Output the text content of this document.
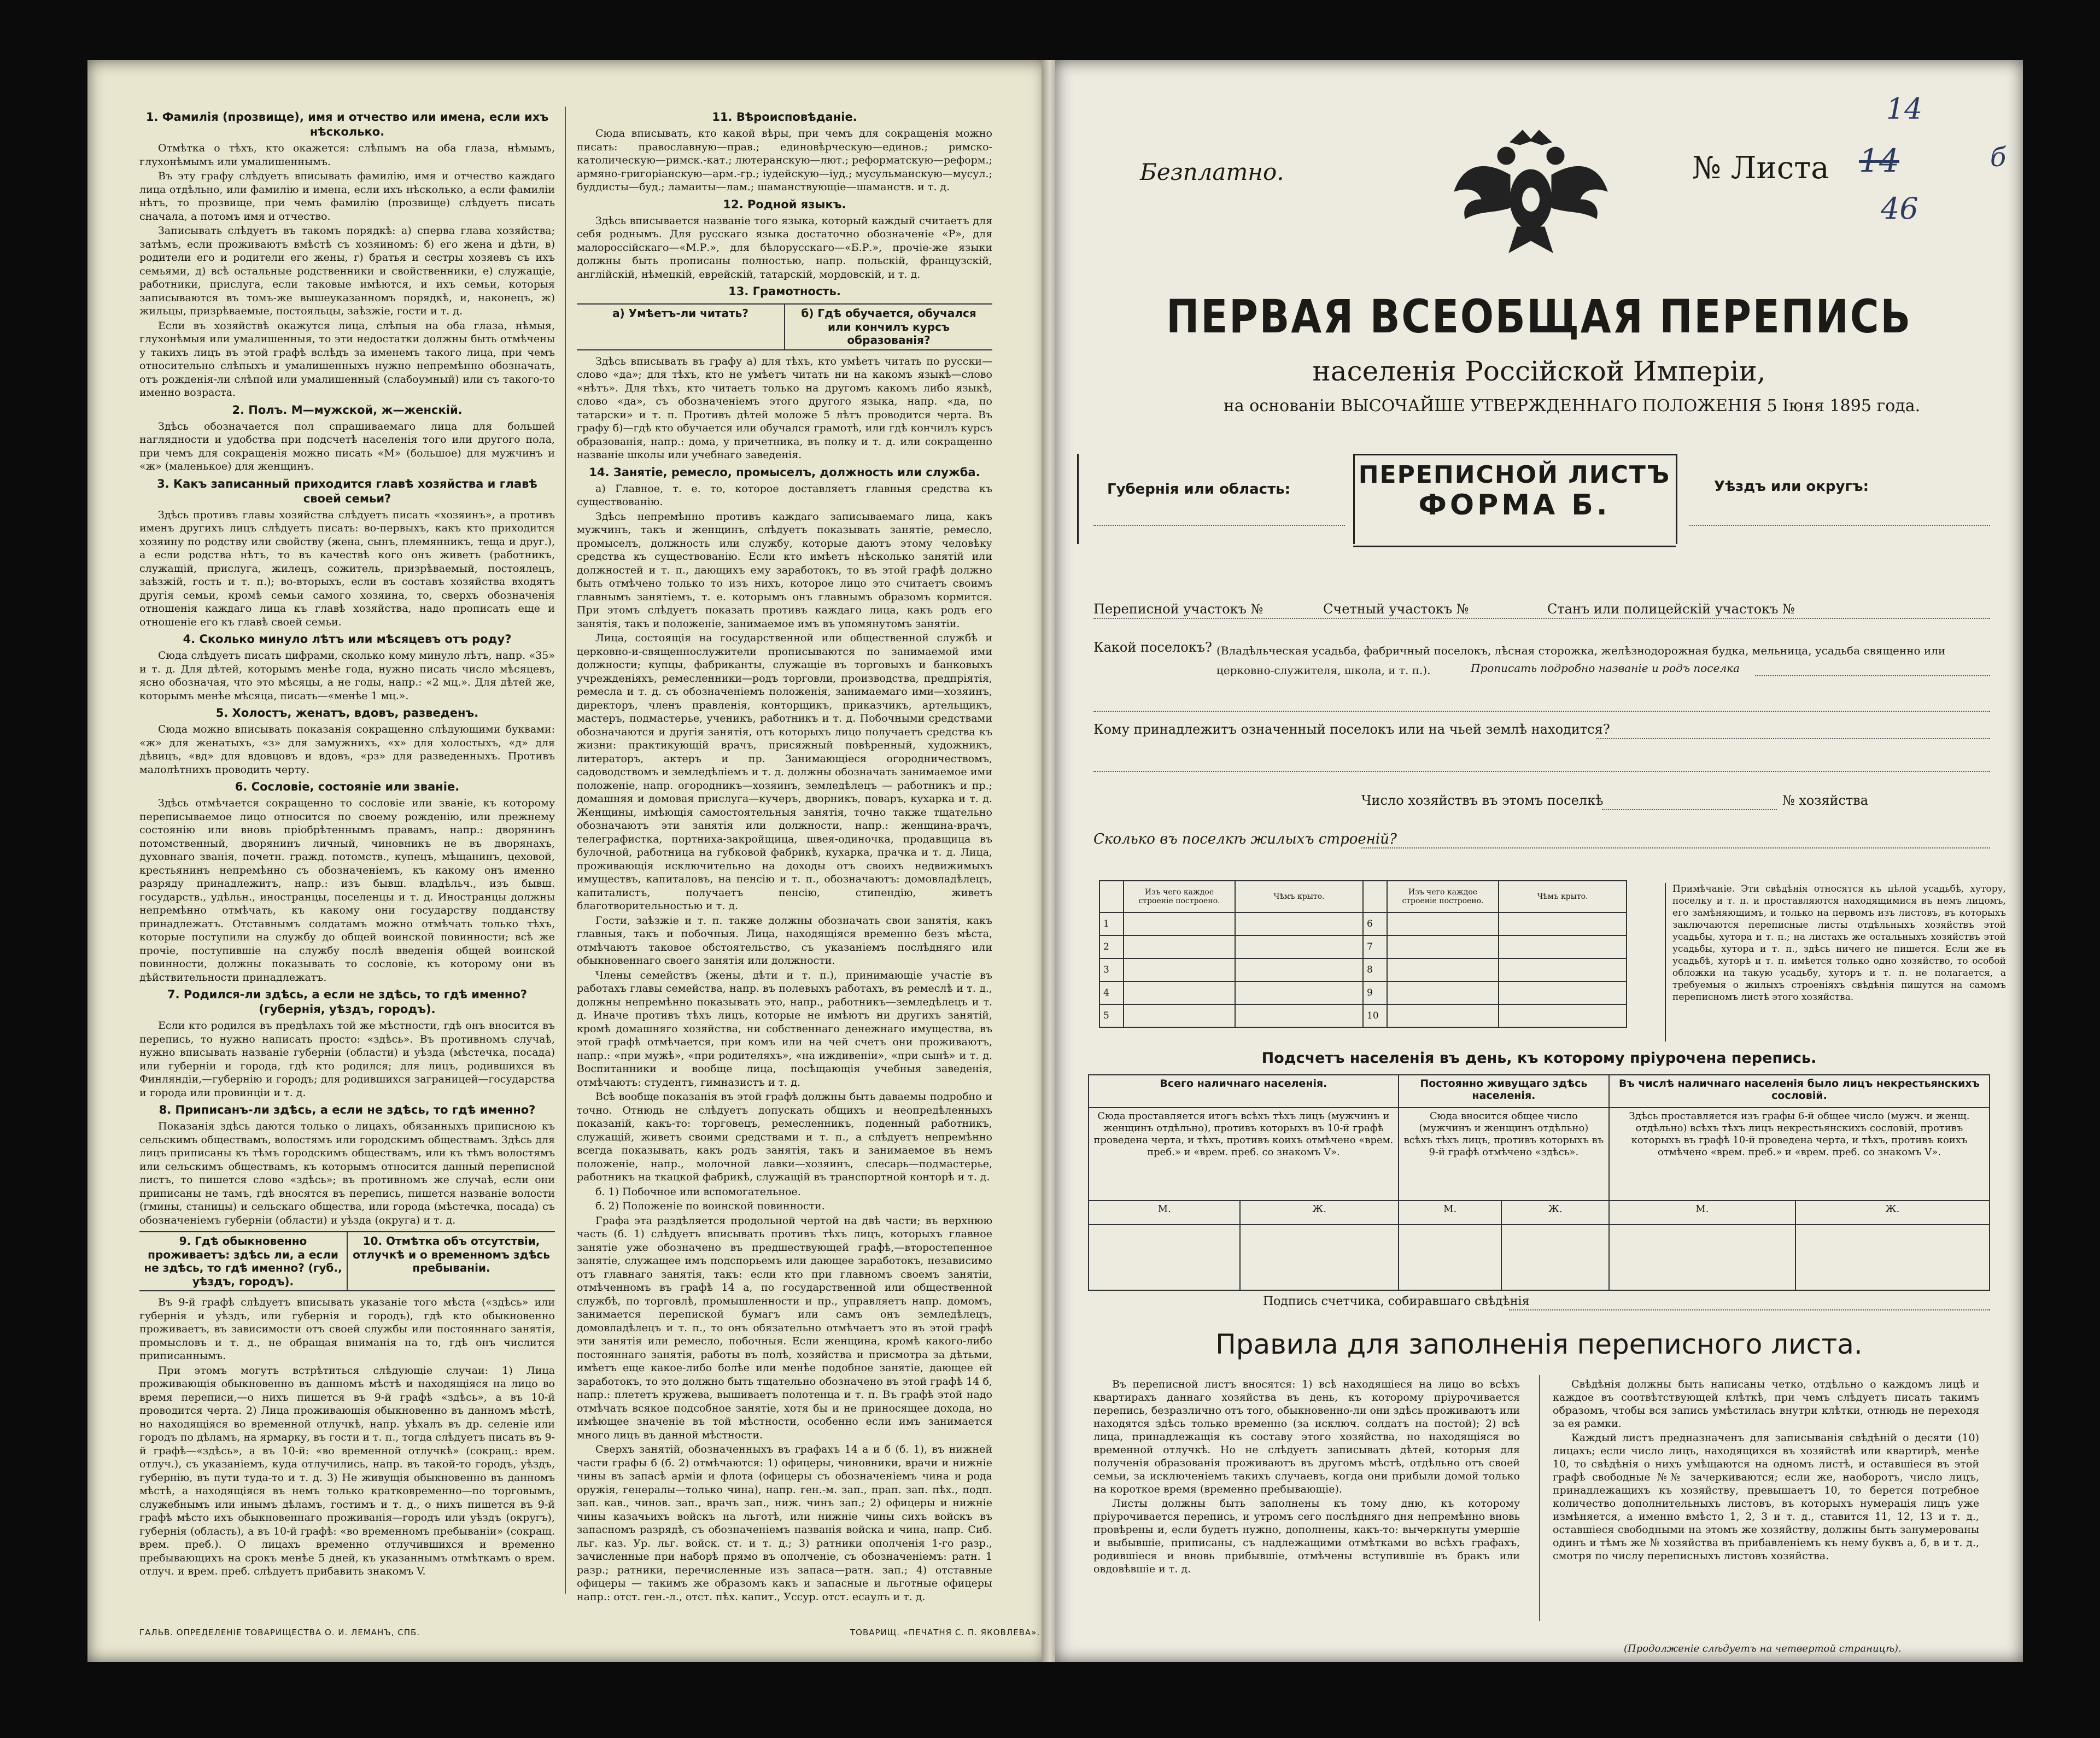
1. Фамилія (прозвище), имя и отчество или имена, если ихъ нѣсколько.

Отмѣтка о тѣхъ, кто окажется: слѣпымъ на оба глаза, нѣмымъ, глухонѣмымъ или умалишеннымъ.

Въ эту графу слѣдуетъ вписывать фамилію, имя и отчество каждаго лица отдѣльно, или фамилію и имена, если ихъ нѣсколько, а если фамиліи нѣтъ, то прозвище, при чемъ фамилію (прозвище) слѣдуетъ писать сначала, а потомъ имя и отчество.

Записывать слѣдуетъ въ такомъ порядкѣ: а) сперва глава хозяйства; затѣмъ, если проживаютъ вмѣстѣ съ хозяиномъ: б) его жена и дѣти, в) родители его и родители его жены, г) братья и сестры хозяевъ съ ихъ семьями, д) всѣ остальные родственники и свойственники, е) служащіе, работники, прислуга, если таковые имѣются, и ихъ семьи, которыя записываются въ томъ-же вышеуказанномъ порядкѣ, и, наконецъ, ж) жильцы, призрѣваемые, постояльцы, заѣзжіе, гости и т. д.

Если въ хозяйствѣ окажутся лица, слѣпыя на оба глаза, нѣмыя, глухонѣмыя или умалишенныя, то эти недостатки должны быть отмѣчены у такихъ лицъ въ этой графѣ вслѣдъ за именемъ такого лица, при чемъ относительно слѣпыхъ и умалишенныхъ нужно непремѣнно обозначать, отъ рожденія-ли слѣпой или умалишенный (слабоумный) или съ такого-то именно возраста.

2. Полъ. М—мужской, ж—женскій.

Здѣсь обозначается пол спрашиваемаго лица для большей наглядности и удобства при подсчетѣ населенія того или другого пола, при чемъ для сокращенія можно писать «М» (большое) для мужчинъ и «ж» (маленькое) для женщинъ.

3. Какъ записанный приходится главѣ хозяйства и главѣ своей семьи?

Здѣсь противъ главы хозяйства слѣдуетъ писать «хозяинъ», а противъ именъ другихъ лицъ слѣдуетъ писать: во-первыхъ, какъ кто приходится хозяину по родству или свойству (жена, сынъ, племянникъ, теща и друг.), а если родства нѣтъ, то въ качествѣ кого онъ живетъ (работникъ, служащій, прислуга, жилецъ, сожитель, призрѣваемый, постоялецъ, заѣзжій, гость и т. п.); во-вторыхъ, если въ составъ хозяйства входятъ другія семьи, кромѣ семьи самого хозяина, то, сверхъ обозначенія отношенія каждаго лица къ главѣ хозяйства, надо прописать еще и отношеніе его къ главѣ своей семьи.

4. Сколько минуло лѣтъ или мѣсяцевъ отъ роду?

Сюда слѣдуетъ писать цифрами, сколько кому минуло лѣтъ, напр. «35» и т. д. Для дѣтей, которымъ менѣе года, нужно писать число мѣсяцевъ, ясно обозначая, что это мѣсяцы, а не годы, напр.: «2 мц.». Для дѣтей же, которымъ менѣе мѣсяца, писать—«менѣе 1 мц.».

5. Холостъ, женатъ, вдовъ, разведенъ.

Сюда можно вписывать показанія сокращенно слѣдующими буквами: «ж» для женатыхъ, «з» для замужнихъ, «х» для холостыхъ, «д» для дѣвицъ, «вд» для вдовцовъ и вдовъ, «рз» для разведенныхъ. Противъ малолѣтнихъ проводить черту.

6. Сословіе, состояніе или званіе.

Здѣсь отмѣчается сокращенно то сословіе или званіе, къ которому переписываемое лицо относится по своему рожденію, или прежнему состоянію или вновь пріобрѣтеннымъ правамъ, напр.: дворянинъ потомственный, дворянинъ личный, чиновникъ не въ дворянахъ, духовнаго званія, почетн. гражд. потомств., купецъ, мѣщанинъ, цеховой, крестьянинъ непремѣнно съ обозначеніемъ, къ какому онъ именно разряду принадлежитъ, напр.: изъ бывш. владѣльч., изъ бывш. государств., удѣльн., иностранцы, поселенцы и т. д. Иностранцы должны непремѣнно отмѣчать, къ какому они государству подданству принадлежатъ. Отставнымъ солдатамъ можно отмѣчать только тѣхъ, которые поступили на службу до общей воинской повинности; всѣ же прочіе, поступившіе на службу послѣ введенія общей воинской повинности, должны показывать то сословіе, къ которому они въ дѣйствительности принадлежатъ.

7. Родился-ли здѣсь, а если не здѣсь, то гдѣ именно? (губернія, уѣздъ, городъ).

Если кто родился въ предѣлахъ той же мѣстности, гдѣ онъ вносится въ перепись, то нужно написать просто: «здѣсь». Въ противномъ случаѣ, нужно вписывать названіе губерніи (области) и уѣзда (мѣстечка, посада) или губерніи и города, гдѣ кто родился; для лицъ, родившихся въ Финляндіи,—губернію и городъ; для родившихся заграницей—государства и города или провинціи и т. д.

8. Приписанъ-ли здѣсь, а если не здѣсь, то гдѣ именно?

Показанія здѣсь даются только о лицахъ, обязанныхъ приписною къ сельскимъ обществамъ, волостямъ или городскимъ обществамъ. Здѣсь для лицъ приписаны къ тѣмъ городскимъ обществамъ, или къ тѣмъ волостямъ или сельскимъ обществамъ, къ которымъ относится данный переписной листъ, то пишется слово «здѣсь»; въ противномъ же случаѣ, если они приписаны не тамъ, гдѣ вносятся въ перепись, пишется названіе волости (гмины, станицы) и сельскаго общества, или города (мѣстечка, посада) съ обозначеніемъ губерніи (области) и уѣзда (округа) и т. д.

9. Гдѣ обыкновенно проживаетъ: здѣсь ли, а если не здѣсь, то гдѣ именно? (губ., уѣздъ, городъ).
10. Отмѣтка объ отсутствіи, отлучкѣ и о временномъ здѣсь пребываніи.

Въ 9-й графѣ слѣдуетъ вписывать указаніе того мѣста («здѣсь» или губернія и уѣздъ, или губернія и городъ), гдѣ кто обыкновенно проживаетъ, въ зависимости отъ своей службы или постояннаго занятія, промысловъ и т. д., не обращая вниманія на то, гдѣ онъ числится приписаннымъ.

При этомъ могутъ встрѣтиться слѣдующіе случаи: 1) Лица проживающія обыкновенно въ данномъ мѣстѣ и находящіяся на лицо во время переписи,—о нихъ пишется въ 9-й графѣ «здѣсь», а въ 10-й проводится черта. 2) Лица проживающія обыкновенно въ данномъ мѣстѣ, но находящіяся во временной отлучкѣ, напр. уѣхалъ въ др. селеніе или городъ по дѣламъ, на ярмарку, въ гости и т. п., тогда слѣдуетъ писать въ 9-й графѣ—«здѣсь», а въ 10-й: «во временной отлучкѣ» (сокращ.: врем. отлуч.), съ указаніемъ, куда отлучились, напр. въ такой-то городъ, уѣздъ, губернію, въ пути туда-то и т. д. 3) Не живущія обыкновенно въ данномъ мѣстѣ, а находящіяся въ немъ только кратковременно—по торговымъ, служебнымъ или инымъ дѣламъ, гостимъ и т. д., о нихъ пишется въ 9-й графѣ мѣсто ихъ обыкновеннаго проживанія—городъ или уѣздъ (округъ), губернія (область), а въ 10-й графѣ: «во временномъ пребываніи» (сокращ. врем. преб.). О лицахъ временно отлучившихся и временно пребывающихъ на срокъ менѣе 5 дней, къ указаннымъ отмѣткамъ о врем. отлуч. и врем. преб. слѣдуетъ прибавить знакомъ V.

11. Вѣроисповѣданіе.

Сюда вписывать, кто какой вѣры, при чемъ для сокращенія можно писать: православную—прав.; единовѣрческую—единов.; римско-католическую—римск.-кат.; лютеранскую—лют.; реформатскую—реформ.; армяно-григоріанскую—арм.-гр.; іудейскую—іуд.; мусульманскую—мусул.; буддисты—буд.; ламаиты—лам.; шаманствующіе—шаманств. и т. д.

12. Родной языкъ.

Здѣсь вписывается названіе того языка, который каждый считаетъ для себя роднымъ. Для русскаго языка достаточно обозначеніе «Р», для малороссійскаго—«М.Р.», для бѣлорусскаго—«Б.Р.», прочіе-же языки должны быть прописаны полностью, напр. польскій, французскій, англійскій, нѣмецкій, еврейскій, татарскій, мордовскій, и т. д.

13. Грамотность.
а) Умѣетъ-ли читать?	б) Гдѣ обучается, обучался или кончилъ курсъ образованія?

Здѣсь вписывать въ графу а) для тѣхъ, кто умѣетъ читать по русски—слово «да»; для тѣхъ, кто не умѣетъ читать ни на какомъ языкѣ—слово «нѣтъ». Для тѣхъ, кто читаетъ только на другомъ какомъ либо языкѣ, слово «да», съ обозначеніемъ этого другого языка, напр. «да, по татарски» и т. п. Противъ дѣтей моложе 5 лѣтъ проводится черта. Въ графу б)—гдѣ кто обучается или обучался грамотѣ, или гдѣ кончилъ курсъ образованія, напр.: дома, у причетника, въ полку и т. д. или сокращенно названіе школы или учебнаго заведенія.

14. Занятіе, ремесло, промыселъ, должность или служба.

а) Главное, т. е. то, которое доставляетъ главныя средства къ существованію.

Здѣсь непремѣнно противъ каждаго записываемаго лица, какъ мужчинъ, такъ и женщинъ, слѣдуетъ показывать занятіе, ремесло, промыселъ, должность или службу, которые даютъ этому человѣку средства къ существованію. Если кто имѣетъ нѣсколько занятій или должностей и т. п., дающихъ ему заработокъ, то въ этой графѣ должно быть отмѣчено только то изъ нихъ, которое лицо это считаетъ своимъ главнымъ занятіемъ, т. е. которымъ онъ главнымъ образомъ кормится. При этомъ слѣдуетъ показать противъ каждаго лица, какъ родъ его занятія, такъ и положеніе, занимаемое имъ въ упомянутомъ занятіи.

Лица, состоящія на государственной или общественной службѣ и церковно-и-священнослужители прописываются по занимаемой ими должности; купцы, фабриканты, служащіе въ торговыхъ и банковыхъ учрежденіяхъ, ремесленники—родъ торговли, производства, предпріятія, ремесла и т. д. съ обозначеніемъ положенія, занимаемаго ими—хозяинъ, директоръ, членъ правленія, конторщикъ, приказчикъ, артельщикъ, мастеръ, подмастерье, ученикъ, работникъ и т. д. Побочными средствами обозначаются и другія занятія, отъ которыхъ лицо получаетъ средства къ жизни: практикующій врачъ, присяжный повѣренный, художникъ, литераторъ, актеръ и пр. Занимающіеся огородничествомъ, садоводствомъ и земледѣліемъ и т. д. должны обозначать занимаемое ими положеніе, напр. огородникъ—хозяинъ, земледѣлецъ — работникъ и пр.; домашняя и домовая прислуга—кучеръ, дворникъ, поваръ, кухарка и т. д. Женщины, имѣющія самостоятельныя занятія, точно также тщательно обозначаютъ эти занятія или должности, напр.: женщина-врачъ, телеграфистка, портниха-закройщица, швея-одиночка, продавщица въ булочной, работница на губковой фабрикѣ, кухарка, прачка и т. д. Лица, проживающія исключительно на доходы отъ своихъ недвижимыхъ имуществъ, капиталовъ, на пенсію и т. п., обозначаютъ: домовладѣлецъ, капиталистъ, получаетъ пенсію, стипендію, живетъ благотворительностью и т. д.

Гости, заѣзжіе и т. п. также должны обозначать свои занятія, какъ главныя, такъ и побочныя. Лица, находящіяся временно безъ мѣста, отмѣчаютъ таковое обстоятельство, съ указаніемъ послѣдняго или обыкновеннаго своего занятія или должности.

Члены семействъ (жены, дѣти и т. п.), принимающіе участіе въ работахъ главы семейства, напр. въ полевыхъ работахъ, въ ремеслѣ и т. д., должны непремѣнно показывать это, напр., работникъ—земледѣлецъ и т. д. Иначе противъ тѣхъ лицъ, которые не имѣютъ ни другихъ занятій, кромѣ домашняго хозяйства, ни собственнаго денежнаго имущества, въ этой графѣ отмѣчается, при комъ или на чей счетъ они проживаютъ, напр.: «при мужѣ», «при родителяхъ», «на иждивеніи», «при сынѣ» и т. д. Воспитанники и вообще лица, посѣщающія учебныя заведенія, отмѣчаютъ: студентъ, гимназистъ и т. д.

Всѣ вообще показанія въ этой графѣ должны быть даваемы подробно и точно. Отнюдь не слѣдуетъ допускать общихъ и неопредѣленныхъ показаній, какъ-то: торговецъ, ремесленникъ, поденный работникъ, служащій, живетъ своими средствами и т. п., а слѣдуетъ непремѣнно всегда показывать, какъ родъ занятія, такъ и занимаемое въ немъ положеніе, напр., молочной лавки—хозяинъ, слесарь—подмастерье, работникъ на ткацкой фабрикѣ, служащій въ транспортной конторѣ и т. д.

б. 1) Побочное или вспомогательное.

б. 2) Положеніе по воинской повинности.

Графа эта раздѣляется продольной чертой на двѣ части; въ верхнюю часть (б. 1) слѣдуетъ вписывать противъ тѣхъ лицъ, которыхъ главное занятіе уже обозначено въ предшествующей графѣ,—второстепенное занятіе, служащее имъ подспорьемъ или дающее заработокъ, независимо отъ главнаго занятія, такъ: если кто при главномъ своемъ занятіи, отмѣченномъ въ графѣ 14 а, по государственной или общественной службѣ, по торговлѣ, промышленности и пр., управляетъ напр. домомъ, занимается перепиской бумагъ или самъ онъ земледѣлецъ, домовладѣлецъ и т. п., то онъ обязательно отмѣчаетъ это въ этой графѣ эти занятія или ремесло, побочныя. Если женщина, кромѣ какого-либо постояннаго занятія, работы въ полѣ, хозяйства и присмотра за дѣтьми, имѣетъ еще какое-либо болѣе или менѣе подобное занятіе, дающее ей заработокъ, то это должно быть тщательно обозначено въ этой графѣ 14 б, напр.: плететъ кружева, вышиваетъ полотенца и т. п. Въ графѣ этой надо отмѣчать всякое подсобное занятіе, хотя бы и не приносящее дохода, но имѣющее значеніе въ той мѣстности, особенно если имъ занимается много лицъ въ данной мѣстности.

Сверхъ занятій, обозначенныхъ въ графахъ 14 а и б (б. 1), въ нижней части графы б (б. 2) отмѣчаются: 1) офицеры, чиновники, врачи и нижніе чины въ запасѣ арміи и флота (офицеры съ обозначеніемъ чина и рода оружія, генералы—только чина), напр. ген.-м. зап., прап. зап. пѣх., подп. зап. кав., чинов. зап., врачъ зап., ниж. чинъ зап.; 2) офицеры и нижніе чины казачьихъ войскъ на льготѣ, или нижніе чины сихъ войскъ въ запасномъ разрядѣ, съ обозначеніемъ названія войска и чина, напр. Сиб. льг. каз. Ур. льг. войск. ст. и т. д.; 3) ратники ополченія 1-го разр., зачисленные при наборѣ прямо въ ополченіе, съ обозначеніемъ: ратн. 1 разр.; ратники, перечисленные изъ запаса—ратн. зап.; 4) отставные офицеры — такимъ же образомъ какъ и запасные и льготные офицеры напр.: отст. ген.-л., отст. пѣх. капит., Уссур. отст. есаулъ и т. д.

ГАЛЬВ. ОПРЕДЕЛЕНІЕ ТОВАРИЩЕСТВА О. И. ЛЕМАНЪ, СПБ.	ТОВАРИЩ. «ПЕЧАТНЯ С. П. ЯКОВЛЕВА».
14
б
Безплатно.	№ Листа 14
46
ПЕРВАЯ ВСЕОБЩАЯ ПЕРЕПИСЬ
населенія Россійской Имперіи,
на основаніи ВЫСОЧАЙШЕ УТВЕРЖДЕННАГО ПОЛОЖЕНІЯ 5 Іюня 1895 года.
Губернія или область:
ПЕРЕПИСНОЙ ЛИСТЪ
ФОРМА Б.
Уѣздъ или округъ:
Переписной участокъ №	Счетный участокъ №	Станъ или полицейскій участокъ №
Какой поселокъ? (Владѣльческая усадьба, фабричный поселокъ, лѣсная сторожка, желѣзнодорожная будка, мельница, усадьба священно или церковно-служителя, школа, и т. п.).	Прописать подробно названіе и родъ поселка
Кому принадлежитъ означенный поселокъ или на чьей землѣ находится?
Число хозяйствъ въ этомъ поселкѣ	№ хозяйства
Сколько въ поселкѣ жилыхъ строеній?
	Изъ чего каждое строеніе построено.	Чѣмъ крыто.		Изъ чего каждое строеніе построено.	Чѣмъ крыто.
1			6		
2			7		
3			8		
4			9		
5			10		
Примѣчаніе. Эти свѣдѣнія относятся къ цѣлой усадьбѣ, хутору, поселку и т. п. и проставляются находящимися въ немъ лицомъ, его замѣняющимъ, и только на первомъ изъ листовъ, въ которыхъ заключаются переписные листы отдѣльныхъ хозяйствъ этой усадьбы, хутора и т. п.; на листахъ же остальныхъ хозяйствъ этой усадьбы, хутора и т. п., здѣсь ничего не пишется. Если же въ усадьбѣ, хуторѣ и т. п. имѣется только одно хозяйство, то особой обложки на такую усадьбу, хуторъ и т. п. не полагается, а требуемыя о жилыхъ строеніяхъ свѣдѣнія пишутся на самомъ переписномъ листѣ этого хозяйства.
Подсчетъ населенія въ день, къ которому пріурочена перепись.
Всего наличнаго населенія.		Постоянно живущаго здѣсь населенія.		Въ числѣ наличнаго населенія было лицъ некрестьянскихъ сословій.	
Сюда проставляется итогъ всѣхъ тѣхъ лицъ (мужчинъ и женщинъ отдѣльно), противъ которыхъ въ 10-й графѣ проведена черта, и тѣхъ, противъ коихъ отмѣчено «врем. преб.» и «врем. преб. со знакомъ V».		Сюда вносится общее число (мужчинъ и женщинъ отдѣльно) всѣхъ тѣхъ лицъ, противъ которыхъ въ 9-й графѣ отмѣчено «здѣсь».		Здѣсь проставляется изъ графы 6-й общее число (мужч. и женщ. отдѣльно) всѣхъ тѣхъ лицъ некрестьянскихъ сословій, противъ которыхъ въ графѣ 10-й проведена черта, и тѣхъ, противъ коихъ отмѣчено «врем. преб.» и «врем. преб. со знакомъ V».	
М.	Ж.	М.	Ж.	М.	Ж.

Подпись счетчика, собиравшаго свѣдѣнія
Правила для заполненія переписного листа.

Въ переписной листъ вносятся: 1) всѣ находящіеся на лицо во всѣхъ квартирахъ даннаго хозяйства въ день, къ которому пріурочивается перепись, безразлично отъ того, обыкновенно-ли они здѣсь проживаютъ или находятся здѣсь только временно (за исключ. солдатъ на постой); 2) всѣ лица, принадлежащія къ составу этого хозяйства, но находящіяся во временной отлучкѣ. Но не слѣдуетъ записывать дѣтей, которыя для полученія образованія проживаютъ въ другомъ мѣстѣ, отдѣльно отъ своей семьи, за исключеніемъ такихъ случаевъ, когда они прибыли домой только на короткое время (временно пребывающіе).

Листы должны быть заполнены къ тому дню, къ которому пріурочивается перепись, и утромъ сего послѣдняго дня непремѣнно вновь провѣрены и, если будетъ нужно, дополнены, какъ-то: вычеркнуты умершіе и выбывшіе, приписаны, съ надлежащими отмѣтками во всѣхъ графахъ, родившіеся и вновь прибывшіе, отмѣчены вступившіе въ бракъ или овдовѣвшіе и т. д.

Свѣдѣнія должны быть написаны четко, отдѣльно о каждомъ лицѣ и каждое въ соотвѣтствующей клѣткѣ, при чемъ слѣдуетъ писать такимъ образомъ, чтобы вся запись умѣстилась внутри клѣтки, отнюдь не переходя за ея рамки.

Каждый листъ предназначенъ для записыванія свѣдѣній о десяти (10) лицахъ; если число лицъ, находящихся въ хозяйствѣ или квартирѣ, менѣе 10, то свѣдѣнія о нихъ умѣщаются на одномъ листѣ, и оставшіеся въ этой графѣ свободные №№ зачеркиваются; если же, наоборотъ, число лицъ, принадлежащихъ къ хозяйству, превышаетъ 10, то берется потребное количество дополнительныхъ листовъ, въ которыхъ нумерація лицъ уже измѣняется, а именно вмѣсто 1, 2, 3 и т. д., ставится 11, 12, 13 и т. д., оставшіеся свободными на этомъ же хозяйству, должны быть занумерованы одинъ и тѣмъ же № хозяйства въ прибавленіемъ къ нему буквъ а, б, в и т. д., смотря по числу переписныхъ листовъ хозяйства.

(Продолженіе слѣдуетъ на четвертой страницѣ).
